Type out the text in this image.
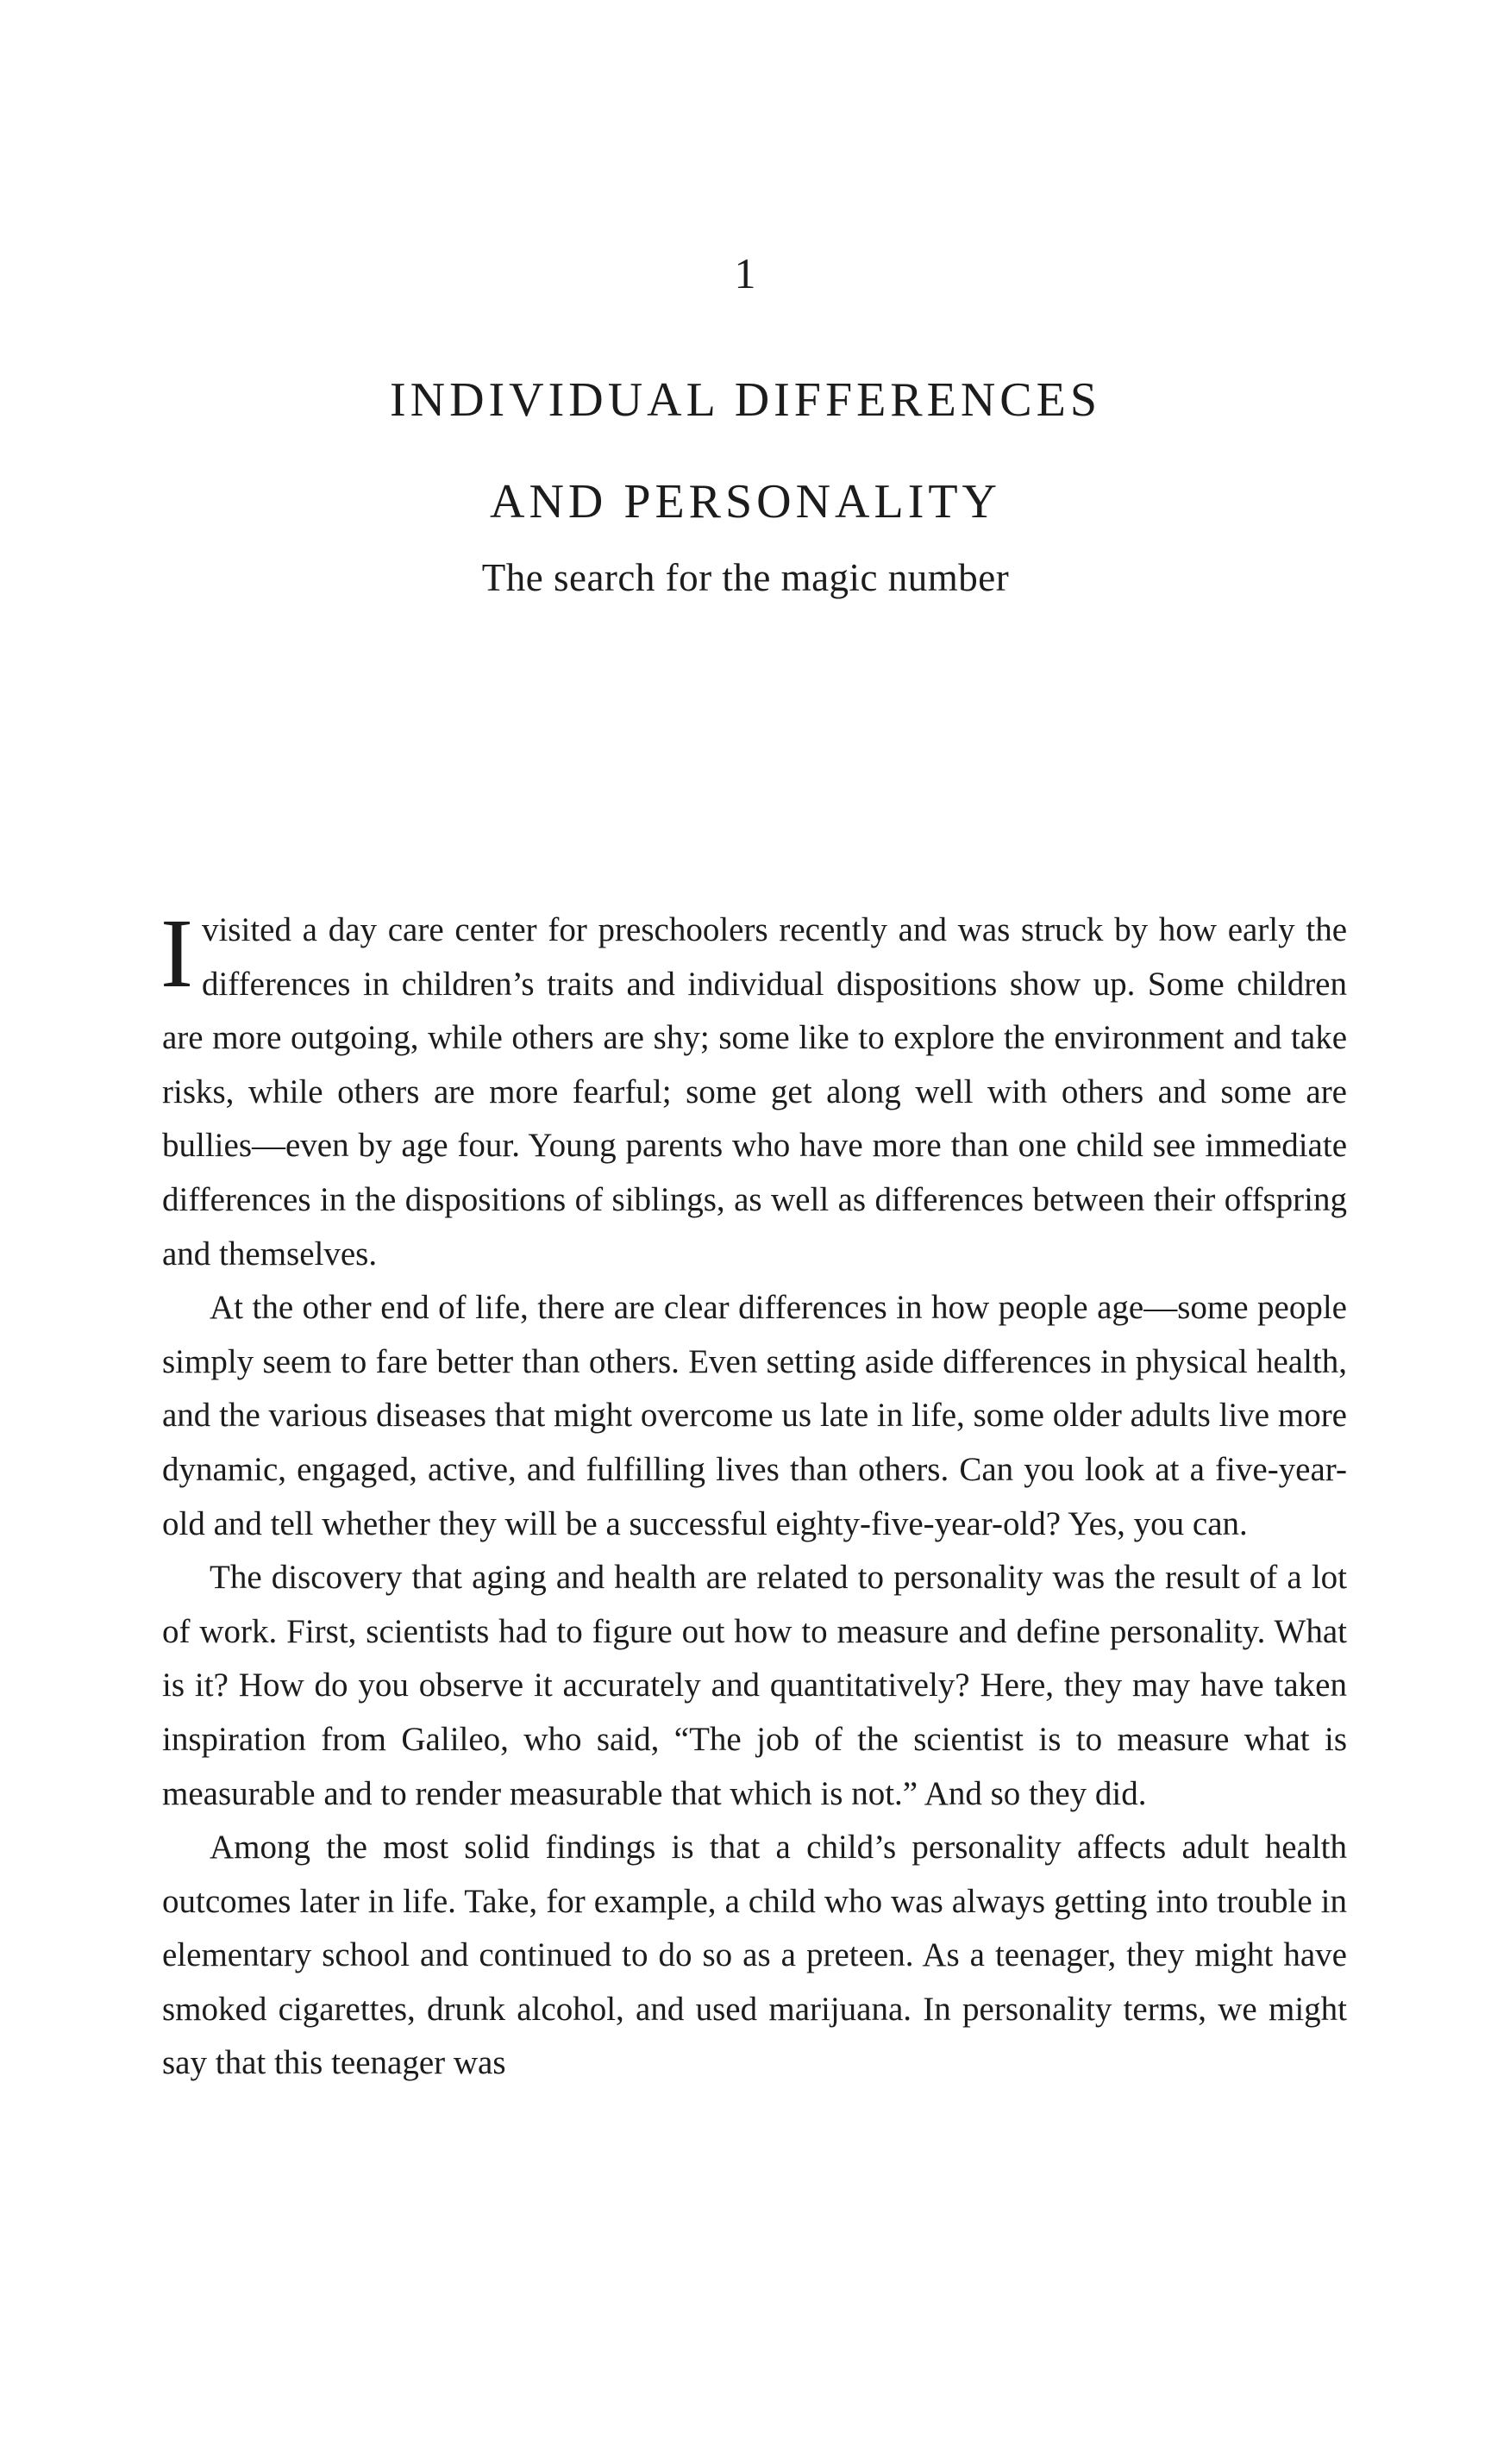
1
INDIVIDUAL DIFFERENCES
AND PERSONALITY
The search for the magic number

Ivisited a day care center for preschoolers recently and was struck by how early the differences in children’s traits and individual dispositions show up. Some children are more outgoing, while others are shy; some like to explore the environment and take risks, while others are more fearful; some get along well with others and some are bullies—even by age four. Young parents who have more than one child see immediate differences in the dispositions of siblings, as well as differences between their offspring and themselves.

At the other end of life, there are clear differences in how people age—some people simply seem to fare better than others. Even setting aside differences in physical health, and the various diseases that might overcome us late in life, some older adults live more dynamic, engaged, active, and fulfilling lives than others. Can you look at a five-year-old and tell whether they will be a successful eighty-five-year-old? Yes, you can.

The discovery that aging and health are related to personality was the result of a lot of work. First, scientists had to figure out how to measure and define personality. What is it? How do you observe it accurately and quantitatively? Here, they may have taken inspiration from Galileo, who said, “The job of the scientist is to measure what is measurable and to render measurable that which is not.” And so they did.

Among the most solid findings is that a child’s personality affects adult health outcomes later in life. Take, for example, a child who was always getting into trouble in elementary school and continued to do so as a preteen. As a teenager, they might have smoked cigarettes, drunk alcohol, and used marijuana. In personality terms, we might say that this teenager was
